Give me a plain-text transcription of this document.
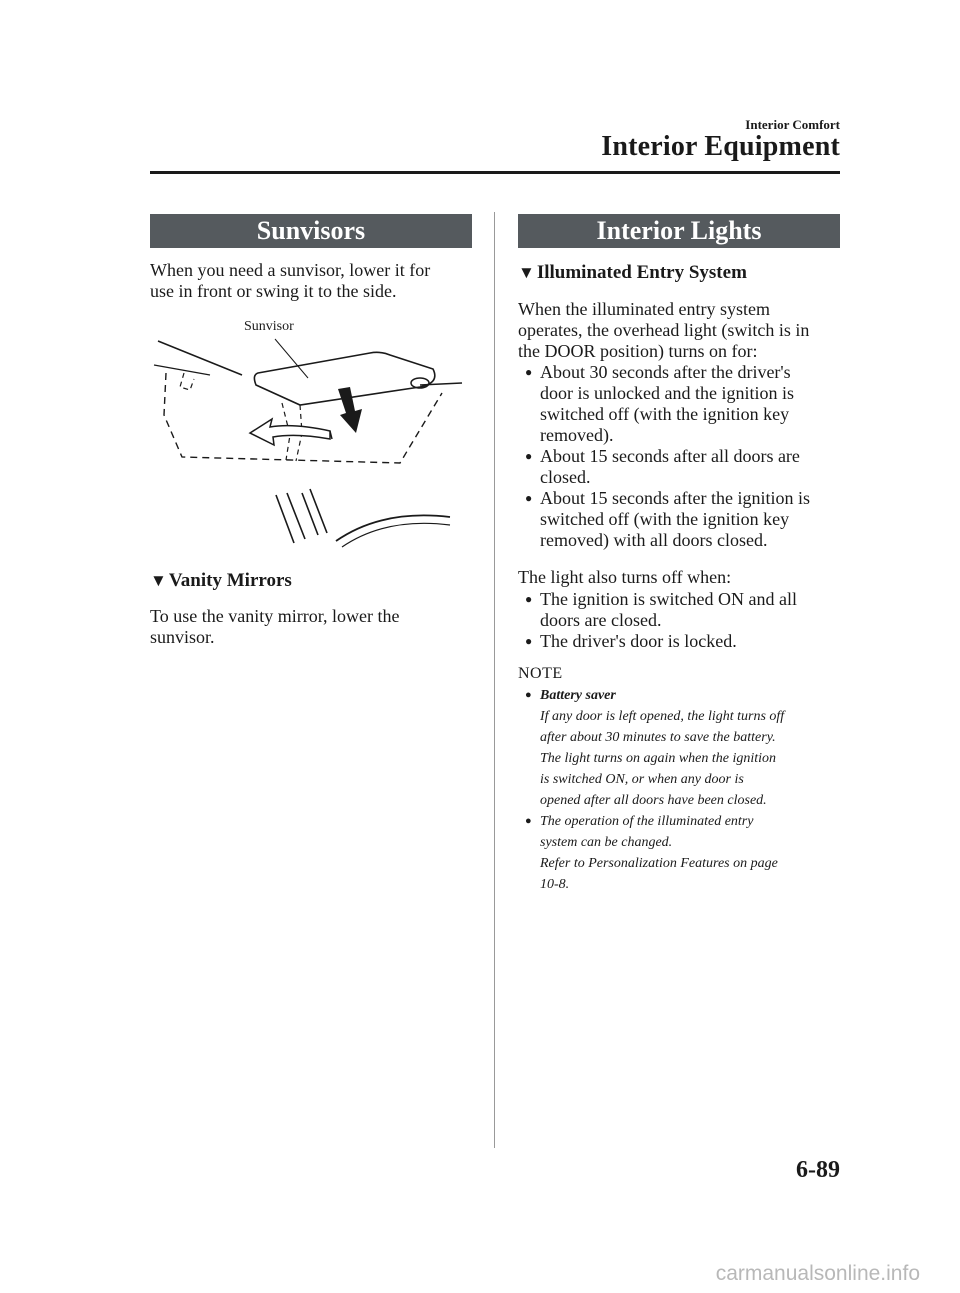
Interior Comfort
Interior Equipment
Sunvisors
When you need a sunvisor, lower it for
use in front or swing it to the side.
Sunvisor
▼ Vanity Mirrors
To use the vanity mirror, lower the
sunvisor.
Interior Lights
▼ Illuminated Entry System
When the illuminated entry system
operates, the overhead light (switch is in
the DOOR position) turns on for:
● About 30 seconds after the driver's
door is unlocked and the ignition is
switched off (with the ignition key
removed).
● About 15 seconds after all doors are
closed.
● About 15 seconds after the ignition is
switched off (with the ignition key
removed) with all doors closed.
The light also turns off when:
● The ignition is switched ON and all
doors are closed.
● The driver's door is locked.
NOTE
● Battery saver
If any door is left opened, the light turns off
after about 30 minutes to save the battery.
The light turns on again when the ignition
is switched ON, or when any door is
opened after all doors have been closed.
● The operation of the illuminated entry
system can be changed.
Refer to Personalization Features on page
10-8.
6-89
carmanualsonline.info
